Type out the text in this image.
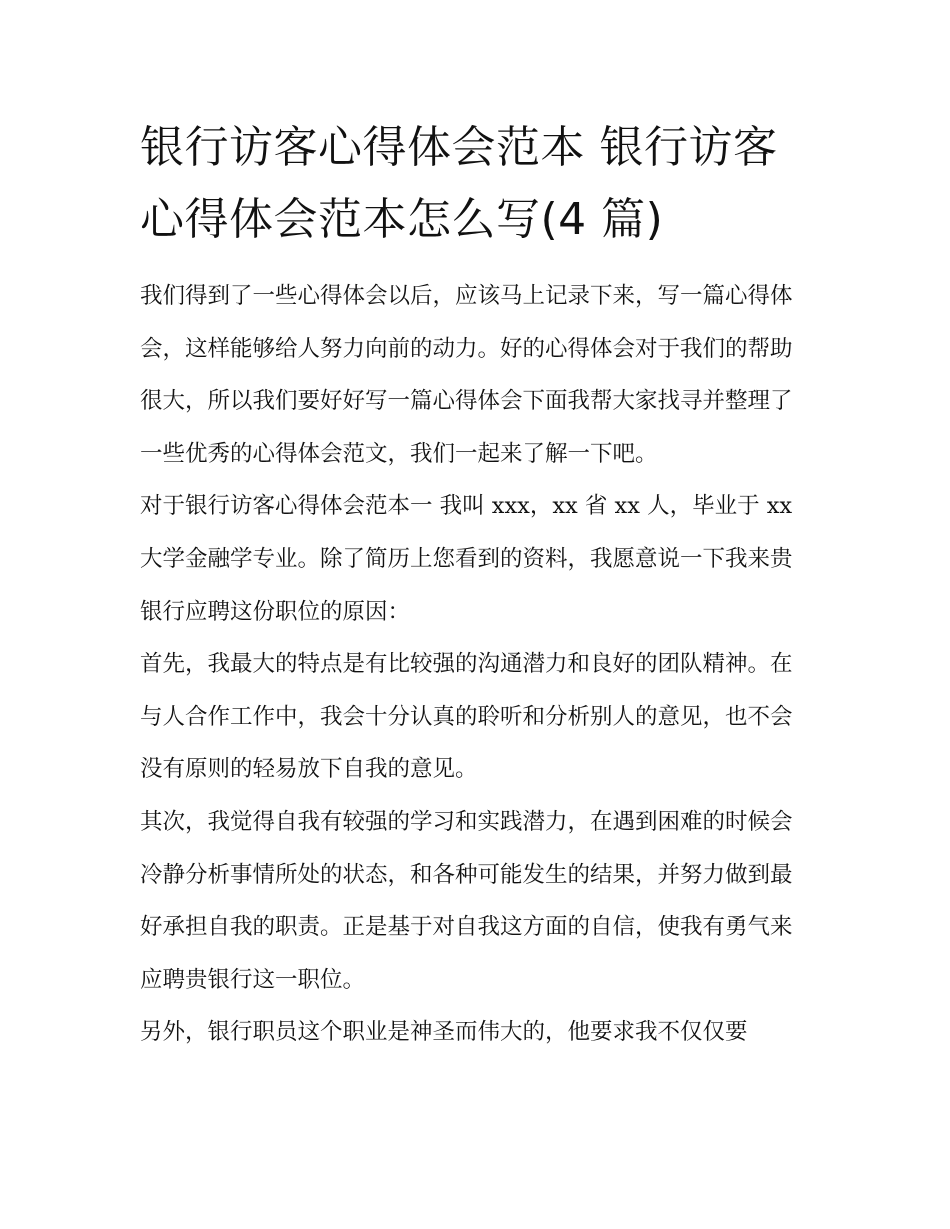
银行访客心得体会范本 银行访客心得体会范本怎么写(4 篇)

我们得到了一些心得体会以后，应该马上记录下来，写一篇心得体会，这样能够给人努力向前的动力。好的心得体会对于我们的帮助很大，所以我们要好好写一篇心得体会下面我帮大家找寻并整理了一些优秀的心得体会范文，我们一起来了解一下吧。

对于银行访客心得体会范本一 我叫 xxx，xx 省 xx 人，毕业于 xx 大学金融学专业。除了简历上您看到的资料，我愿意说一下我来贵银行应聘这份职位的原因：

首先，我最大的特点是有比较强的沟通潜力和良好的团队精神。在与人合作工作中，我会十分认真的聆听和分析别人的意见，也不会没有原则的轻易放下自我的意见。

其次，我觉得自我有较强的学习和实践潜力，在遇到困难的时候会冷静分析事情所处的状态，和各种可能发生的结果，并努力做到最好承担自我的职责。正是基于对自我这方面的自信，使我有勇气来应聘贵银行这一职位。

另外，银行职员这个职业是神圣而伟大的，他要求我不仅仅要
